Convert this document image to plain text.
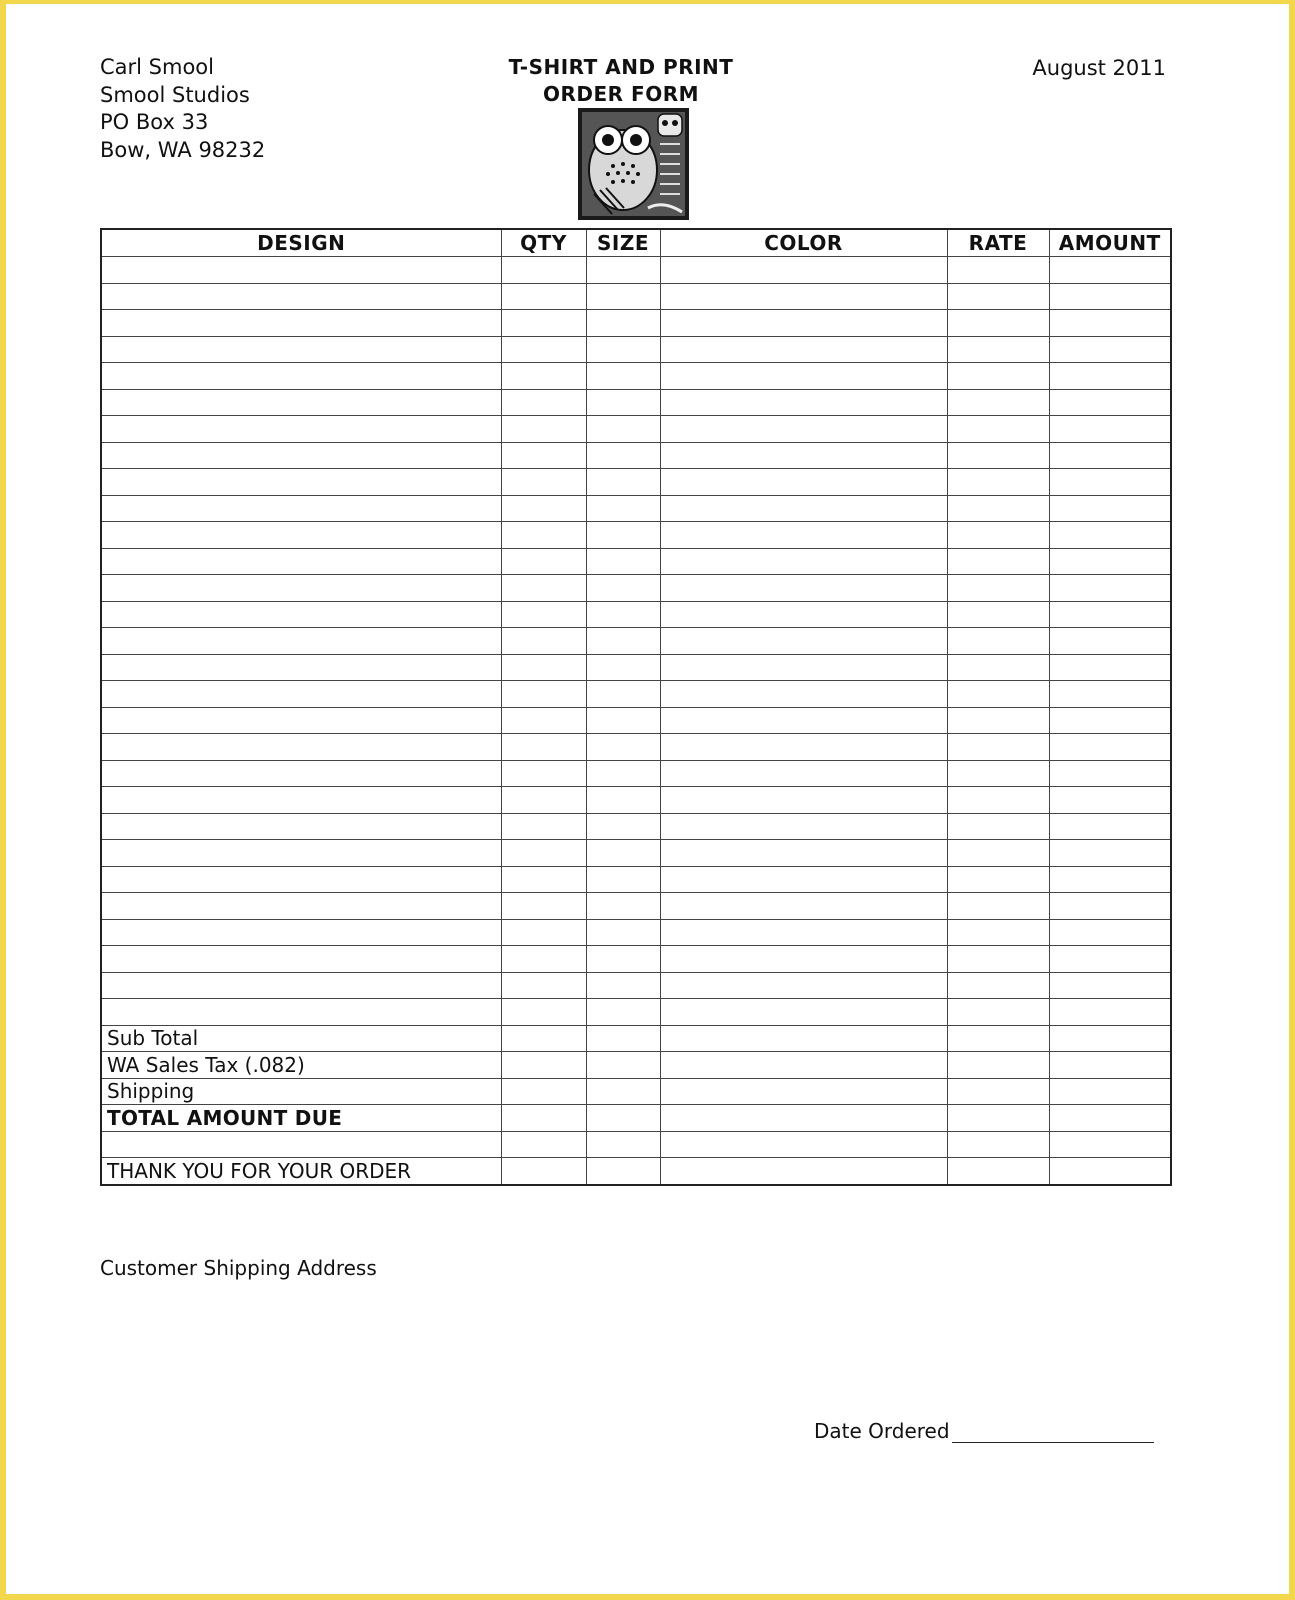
Carl Smool
Smool Studios
PO Box 33
Bow, WA 98232
T-SHIRT AND PRINT
ORDER FORM
August 2011
DESIGN	QTY	SIZE	COLOR	RATE	AMOUNT

Sub Total					
WA Sales Tax (.082)					
Shipping					
TOTAL AMOUNT DUE					

THANK YOU FOR YOUR ORDER					
Customer Shipping Address
Date Ordered
